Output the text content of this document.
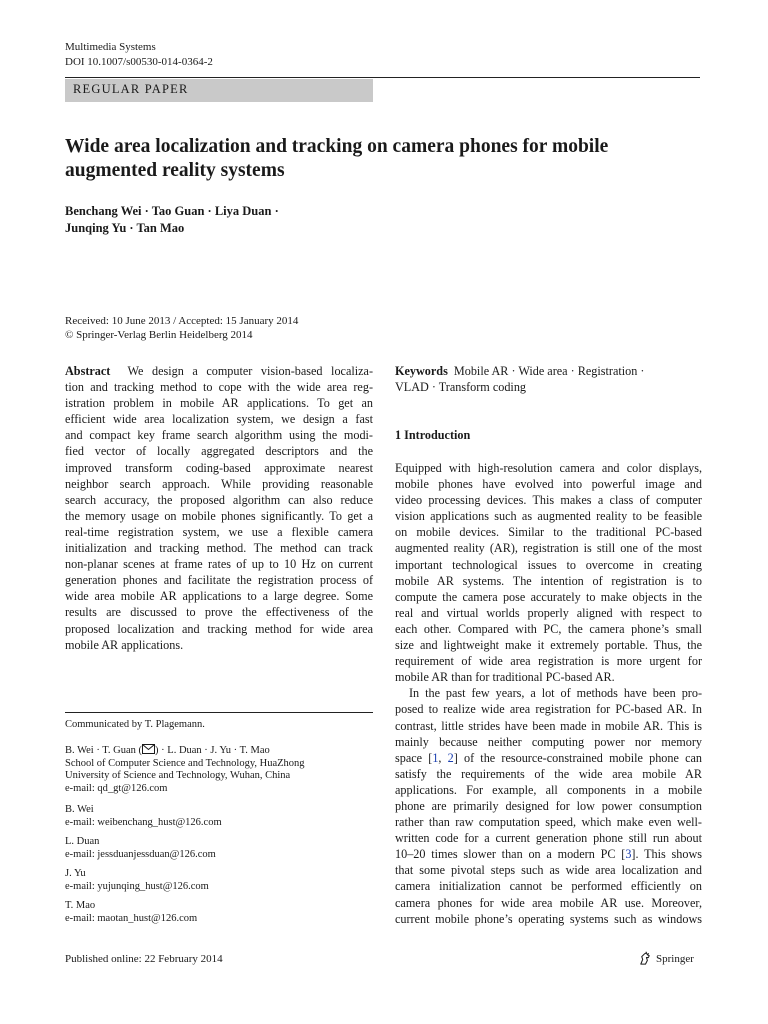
Multimedia Systems
DOI 10.1007/s00530-014-0364-2
REGULAR PAPER
Wide area localization and tracking on camera phones for mobile
augmented reality systems
Benchang Wei · Tao Guan · Liya Duan ·
Junqing Yu · Tan Mao
Received: 10 June 2013 / Accepted: 15 January 2014
© Springer-Verlag Berlin Heidelberg 2014
Abstract We design a computer vision-based localiza-
tion and tracking method to cope with the wide area reg-
istration problem in mobile AR applications. To get an
efficient wide area localization system, we design a fast
and compact key frame search algorithm using the modi-
fied vector of locally aggregated descriptors and the
improved transform coding-based approximate nearest
neighbor search approach. While providing reasonable
search accuracy, the proposed algorithm can also reduce
the memory usage on mobile phones significantly. To get a
real-time registration system, we use a flexible camera
initialization and tracking method. The method can track
non-planar scenes at frame rates of up to 10 Hz on current
generation phones and facilitate the registration process of
wide area mobile AR applications to a large degree. Some
results are discussed to prove the effectiveness of the
proposed localization and tracking method for wide area
mobile AR applications.
Keywords Mobile AR · Wide area · Registration ·
VLAD · Transform coding
1 Introduction
Equipped with high-resolution camera and color displays,
mobile phones have evolved into powerful image and
video processing devices. This makes a class of computer
vision applications such as augmented reality to be feasible
on mobile devices. Similar to the traditional PC-based
augmented reality (AR), registration is still one of the most
important technological issues to overcome in creating
mobile AR systems. The intention of registration is to
compute the camera pose accurately to make objects in the
real and virtual worlds properly aligned with respect to
each other. Compared with PC, the camera phone’s small
size and lightweight make it extremely portable. Thus, the
requirement of wide area registration is more urgent for
mobile AR than for traditional PC-based AR.
In the past few years, a lot of methods have been pro-
posed to realize wide area registration for PC-based AR. In
contrast, little strides have been made in mobile AR. This is
mainly because neither computing power nor memory
space [1, 2] of the resource-constrained mobile phone can
satisfy the requirements of the wide area mobile AR
applications. For example, all components in a mobile
phone are primarily designed for low power consumption
rather than raw computation speed, which make even well-
written code for a current generation phone still run about
10–20 times slower than on a modern PC [3]. This shows
that some pivotal steps such as wide area localization and
camera initialization cannot be performed efficiently on
camera phones for wide area mobile AR use. Moreover,
current mobile phone’s operating systems such as windows
Communicated by T. Plagemann.
B. Wei · T. Guan ( ) · L. Duan · J. Yu · T. Mao
School of Computer Science and Technology, HuaZhong
University of Science and Technology, Wuhan, China
e-mail: qd_gt@126.com
B. Wei
e-mail: weibenchang_hust@126.com
L. Duan
e-mail: jessduanjessduan@126.com
J. Yu
e-mail: yujunqing_hust@126.com
T. Mao
e-mail: maotan_hust@126.com
Published online: 22 February 2014	Springer
